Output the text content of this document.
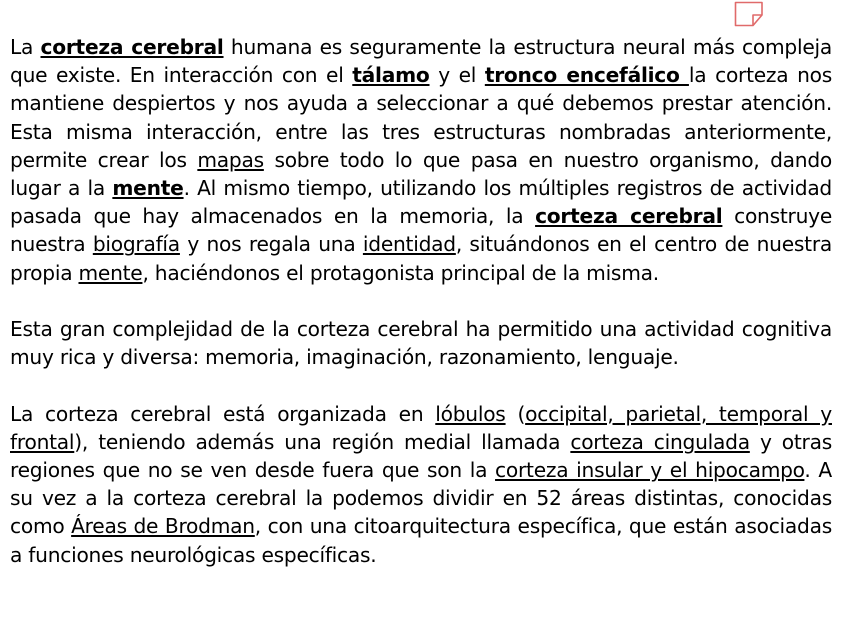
La corteza cerebral humana es seguramente la estructura neural más compleja que existe. En interacción con el tálamo y el tronco encefálico la corteza nos mantiene despiertos y nos ayuda a seleccionar a qué debemos prestar atención. Esta misma interacción, entre las tres estructuras nombradas anteriormente, permite crear los mapas sobre todo lo que pasa en nuestro organismo, dando lugar a la mente. Al mismo tiempo, utilizando los múltiples registros de actividad pasada que hay almacenados en la memoria, la corteza cerebral construye nuestra biografía y nos regala una identidad, situándonos en el centro de nuestra propia mente, haciéndonos el protagonista principal de la misma.

Esta gran complejidad de la corteza cerebral ha permitido una actividad cognitiva muy rica y diversa: memoria, imaginación, razonamiento, lenguaje.

La corteza cerebral está organizada en lóbulos (occipital, parietal, temporal y frontal), teniendo además una región medial llamada corteza cingulada y otras regiones que no se ven desde fuera que son la corteza insular y el hipocampo. A su vez a la corteza cerebral la podemos dividir en 52 áreas distintas, conocidas como Áreas de Brodman, con una citoarquitectura específica, que están asociadas a funciones neurológicas específicas.
